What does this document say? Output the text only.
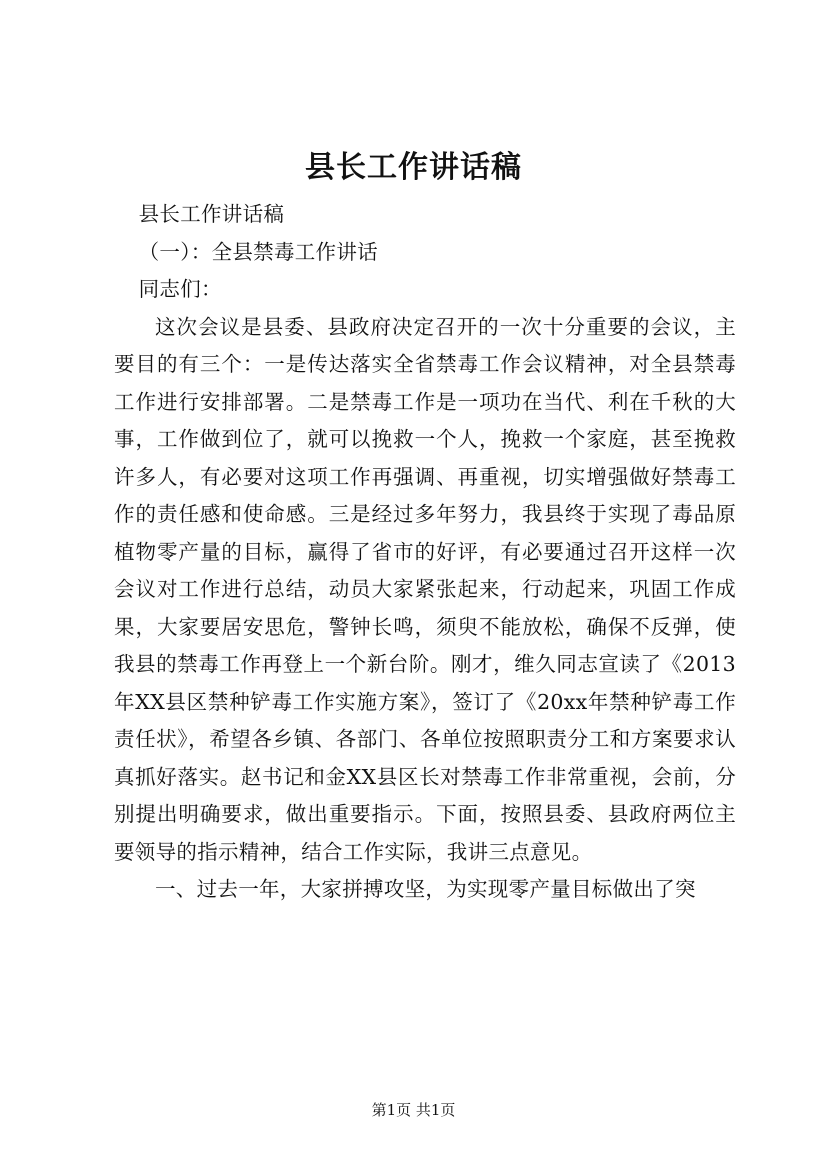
县长工作讲话稿

县长工作讲话稿

（一）：全县禁毒工作讲话

同志们：

这次会议是县委、县政府决定召开的一次十分重要的会议，主要目的有三个：一是传达落实全省禁毒工作会议精神，对全县禁毒工作进行安排部署。二是禁毒工作是一项功在当代、利在千秋的大事，工作做到位了，就可以挽救一个人，挽救一个家庭，甚至挽救许多人，有必要对这项工作再强调、再重视，切实增强做好禁毒工作的责任感和使命感。三是经过多年努力，我县终于实现了毒品原植物零产量的目标，赢得了省市的好评，有必要通过召开这样一次会议对工作进行总结，动员大家紧张起来，行动起来，巩固工作成果，大家要居安思危，警钟长鸣，须臾不能放松，确保不反弹，使我县的禁毒工作再登上一个新台阶。刚才，维久同志宣读了《2013年XX县区禁种铲毒工作实施方案》，签订了《20xx年禁种铲毒工作责任状》，希望各乡镇、各部门、各单位按照职责分工和方案要求认真抓好落实。赵书记和金XX县区长对禁毒工作非常重视，会前，分别提出明确要求，做出重要指示。下面，按照县委、县政府两位主要领导的指示精神，结合工作实际，我讲三点意见。

一、过去一年，大家拼搏攻坚，为实现零产量目标做出了突

第1页 共1页
